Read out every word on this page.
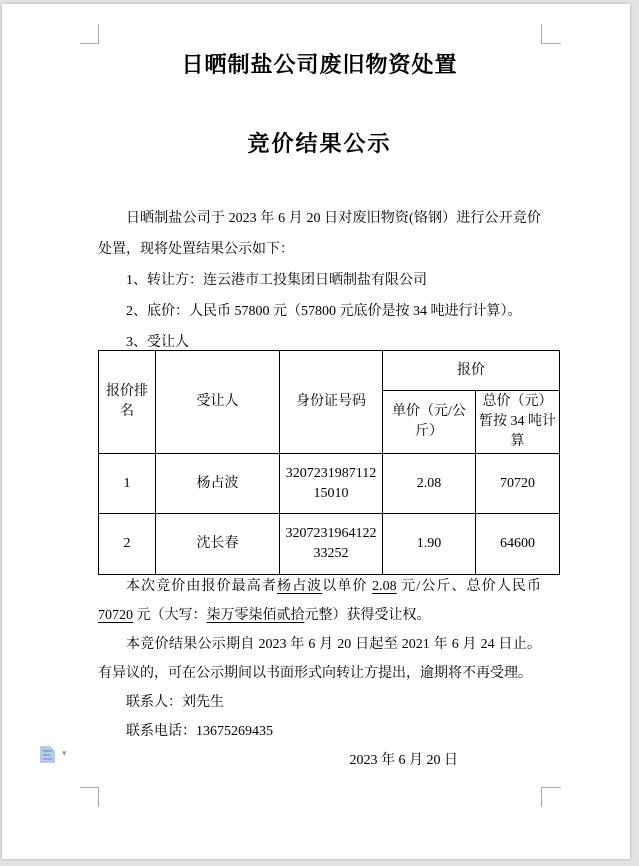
日晒制盐公司废旧物资处置
竞价结果公示

日晒制盐公司于 2023 年 6 月 20 日对废旧物资(铬钢）进行公开竞价处置，现将处置结果公示如下：

1、转让方：连云港市工投集团日晒制盐有限公司

2、底价：人民币 57800 元（57800 元底价是按 34 吨进行计算）。

3、受让人

报价排名	受让人	身份证号码	报价	
			单价（元/公斤）	总价（元）暂按 34 吨计算
1	杨占波	320723198711215010	2.08	70720
2	沈长春	320723196412233252	1.90	64600

本次竞价由报价最高者杨占波以单价 2.08 元/公斤、总价人民币 70720 元（大写：柒万零柒佰贰拾元整）获得受让权。

本竞价结果公示期自 2023 年 6 月 20 日起至 2021 年 6 月 24 日止。有异议的，可在公示期间以书面形式向转让方提出，逾期将不再受理。

联系人：刘先生

联系电话：13675269435

2023 年 6 月 20 日

▾
